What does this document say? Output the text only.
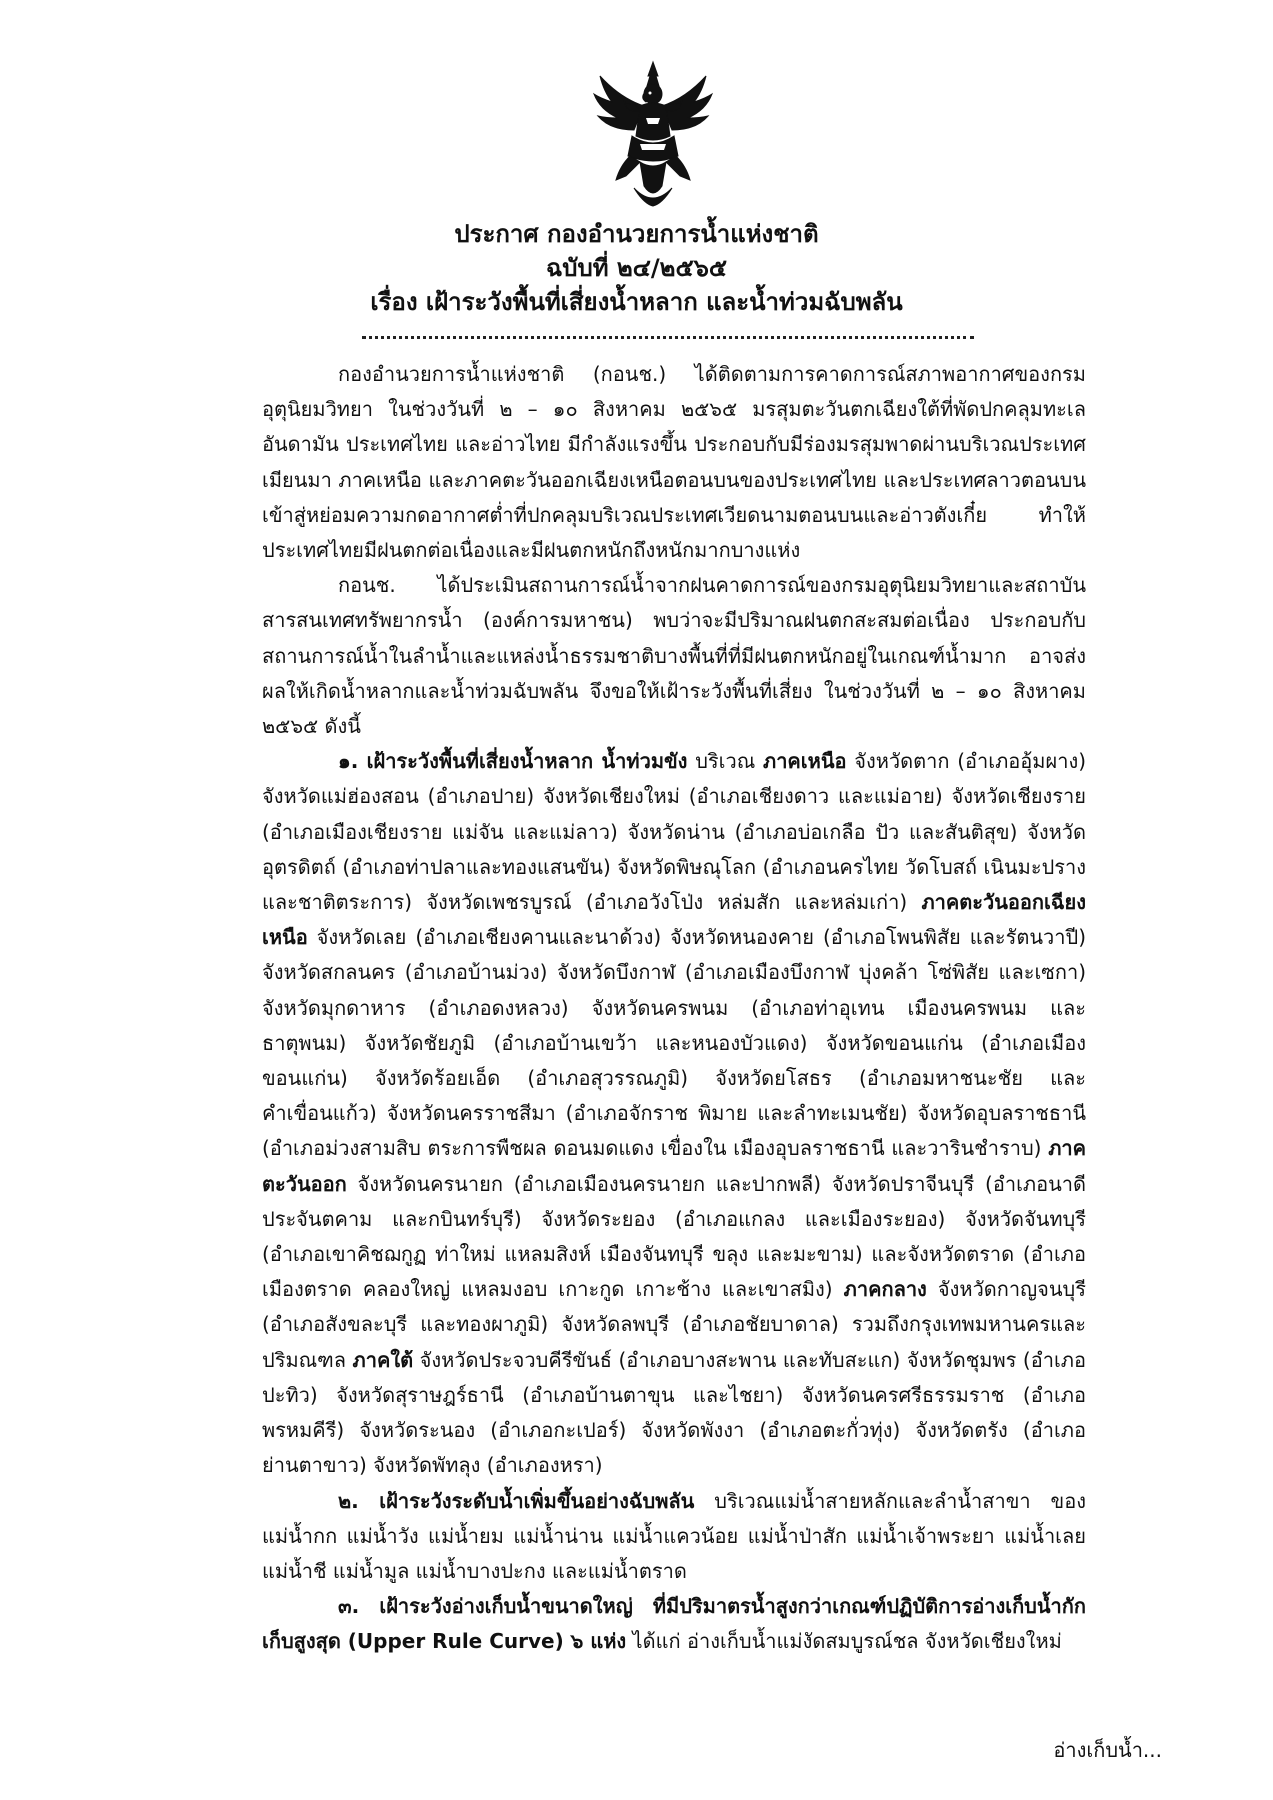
ประกาศ กองอำนวยการน้ำแห่งชาติ
ฉบับที่ ๒๔/๒๕๖๕
เรื่อง เฝ้าระวังพื้นที่เสี่ยงน้ำหลาก และน้ำท่วมฉับพลัน

กองอำนวยการน้ำแห่งชาติ (กอนช.) ได้ติดตามการคาดการณ์สภาพอากาศของกรมอุตุนิยมวิทยา ในช่วงวันที่ ๒ – ๑๐ สิงหาคม ๒๕๖๕ มรสุมตะวันตกเฉียงใต้ที่พัดปกคลุมทะเลอันดามัน ประเทศไทย และอ่าวไทย มีกำลังแรงขึ้น ประกอบกับมีร่องมรสุมพาดผ่านบริเวณประเทศเมียนมา ภาคเหนือ และภาคตะวันออกเฉียงเหนือตอนบนของประเทศไทย และประเทศลาวตอนบน เข้าสู่หย่อมความกดอากาศต่ำที่ปกคลุมบริเวณประเทศเวียดนามตอนบนและอ่าวตังเกี๋ย ทำให้ประเทศไทยมีฝนตกต่อเนื่องและมีฝนตกหนักถึงหนักมากบางแห่ง

กอนช. ได้ประเมินสถานการณ์น้ำจากฝนคาดการณ์ของกรมอุตุนิยมวิทยาและสถาบันสารสนเทศทรัพยากรน้ำ (องค์การมหาชน) พบว่าจะมีปริมาณฝนตกสะสมต่อเนื่อง ประกอบกับสถานการณ์น้ำในลำน้ำและแหล่งน้ำธรรมชาติบางพื้นที่ที่มีฝนตกหนักอยู่ในเกณฑ์น้ำมาก อาจส่งผลให้เกิดน้ำหลากและน้ำท่วมฉับพลัน จึงขอให้เฝ้าระวังพื้นที่เสี่ยง ในช่วงวันที่ ๒ – ๑๐ สิงหาคม ๒๕๖๕ ดังนี้

๑. เฝ้าระวังพื้นที่เสี่ยงน้ำหลาก น้ำท่วมขัง บริเวณ ภาคเหนือ จังหวัดตาก (อำเภออุ้มผาง) จังหวัดแม่ฮ่องสอน (อำเภอปาย) จังหวัดเชียงใหม่ (อำเภอเชียงดาว และแม่อาย) จังหวัดเชียงราย (อำเภอเมืองเชียงราย แม่จัน และแม่ลาว) จังหวัดน่าน (อำเภอบ่อเกลือ ปัว และสันติสุข) จังหวัดอุตรดิตถ์ (อำเภอท่าปลาและทองแสนขัน) จังหวัดพิษณุโลก (อำเภอนครไทย วัดโบสถ์ เนินมะปราง และชาติตระการ) จังหวัดเพชรบูรณ์ (อำเภอวังโป่ง หล่มสัก และหล่มเก่า) ภาคตะวันออกเฉียงเหนือ จังหวัดเลย (อำเภอเชียงคานและนาด้วง) จังหวัดหนองคาย (อำเภอโพนพิสัย และรัตนวาปี) จังหวัดสกลนคร (อำเภอบ้านม่วง) จังหวัดบึงกาฬ (อำเภอเมืองบึงกาฬ บุ่งคล้า โซ่พิสัย และเซกา) จังหวัดมุกดาหาร (อำเภอดงหลวง) จังหวัดนครพนม (อำเภอท่าอุเทน เมืองนครพนม และธาตุพนม) จังหวัดชัยภูมิ (อำเภอบ้านเขว้า และหนองบัวแดง) จังหวัดขอนแก่น (อำเภอเมืองขอนแก่น) จังหวัดร้อยเอ็ด (อำเภอสุวรรณภูมิ) จังหวัดยโสธร (อำเภอมหาชนะชัย และคำเขื่อนแก้ว) จังหวัดนครราชสีมา (อำเภอจักราช พิมาย และลำทะเมนชัย) จังหวัดอุบลราชธานี (อำเภอม่วงสามสิบ ตระการพืชผล ดอนมดแดง เขื่องใน เมืองอุบลราชธานี และวารินชำราบ) ภาคตะวันออก จังหวัดนครนายก (อำเภอเมืองนครนายก และปากพลี) จังหวัดปราจีนบุรี (อำเภอนาดี ประจันตคาม และกบินทร์บุรี) จังหวัดระยอง (อำเภอแกลง และเมืองระยอง) จังหวัดจันทบุรี (อำเภอเขาคิชฌกูฏ ท่าใหม่ แหลมสิงห์ เมืองจันทบุรี ขลุง และมะขาม) และจังหวัดตราด (อำเภอเมืองตราด คลองใหญ่ แหลมงอบ เกาะกูด เกาะช้าง และเขาสมิง) ภาคกลาง จังหวัดกาญจนบุรี (อำเภอสังขละบุรี และทองผาภูมิ) จังหวัดลพบุรี (อำเภอชัยบาดาล) รวมถึงกรุงเทพมหานครและปริมณฑล ภาคใต้ จังหวัดประจวบคีรีขันธ์ (อำเภอบางสะพาน และทับสะแก) จังหวัดชุมพร (อำเภอปะทิว) จังหวัดสุราษฎร์ธานี (อำเภอบ้านตาขุน และไชยา) จังหวัดนครศรีธรรมราช (อำเภอพรหมคีรี) จังหวัดระนอง (อำเภอกะเปอร์) จังหวัดพังงา (อำเภอตะกั่วทุ่ง) จังหวัดตรัง (อำเภอย่านตาขาว) จังหวัดพัทลุง (อำเภองหรา)

๒. เฝ้าระวังระดับน้ำเพิ่มขึ้นอย่างฉับพลัน บริเวณแม่น้ำสายหลักและลำน้ำสาขา ของแม่น้ำกก แม่น้ำวัง แม่น้ำยม แม่น้ำน่าน แม่น้ำแควน้อย แม่น้ำป่าสัก แม่น้ำเจ้าพระยา แม่น้ำเลย แม่น้ำชี แม่น้ำมูล แม่น้ำบางปะกง และแม่น้ำตราด

๓. เฝ้าระวังอ่างเก็บน้ำขนาดใหญ่ ที่มีปริมาตรน้ำสูงกว่าเกณฑ์ปฏิบัติการอ่างเก็บน้ำกักเก็บสูงสุด (Upper Rule Curve) ๖ แห่ง ได้แก่ อ่างเก็บน้ำแม่งัดสมบูรณ์ชล จังหวัดเชียงใหม่

อ่างเก็บน้ำ...
